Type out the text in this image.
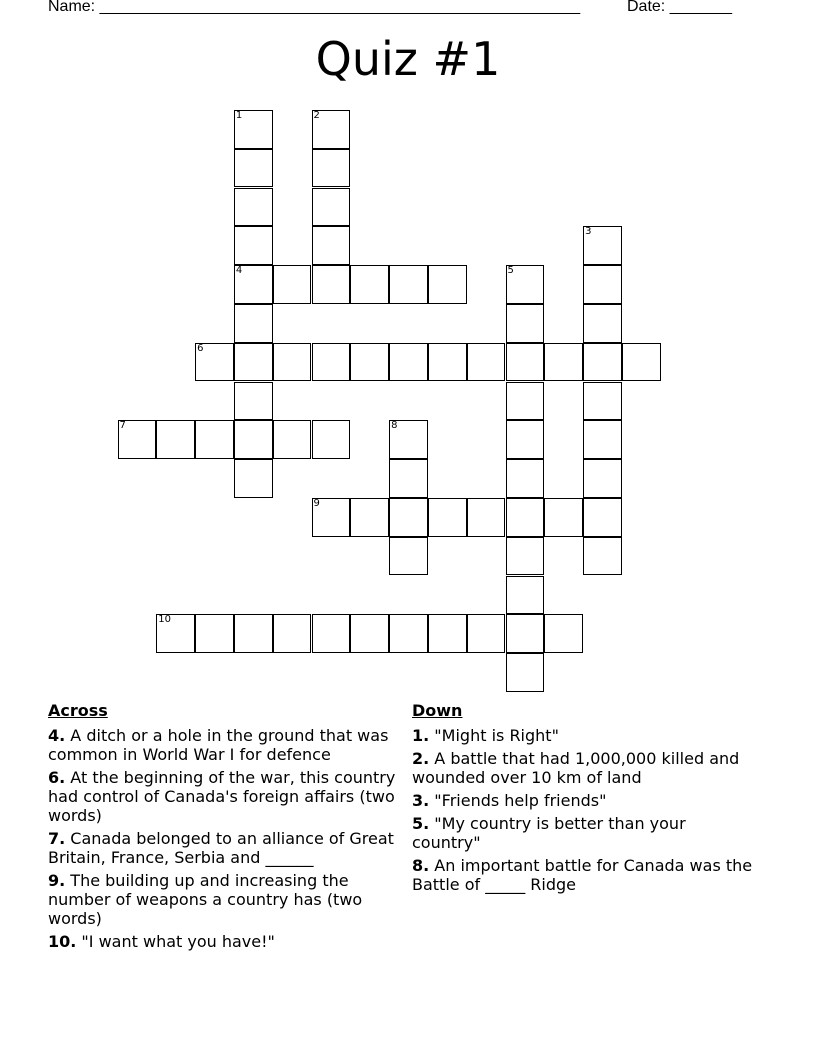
Name: ______________________________________________________	Date: _______
Quiz #1
1
4
2
3
5
6
7	8
9
10
Across
4. A ditch or a hole in the ground that was common in World War I for defence
6. At the beginning of the war, this country had control of Canada's foreign affairs (two words)
7. Canada belonged to an alliance of Great Britain, France, Serbia and ______
9. The building up and increasing the number of weapons a country has (two words)
10. "I want what you have!"
Down
1. "Might is Right"
2. A battle that had 1,000,000 killed and wounded over 10 km of land
3. "Friends help friends"
5. "My country is better than your country"
8. An important battle for Canada was the Battle of _____ Ridge
